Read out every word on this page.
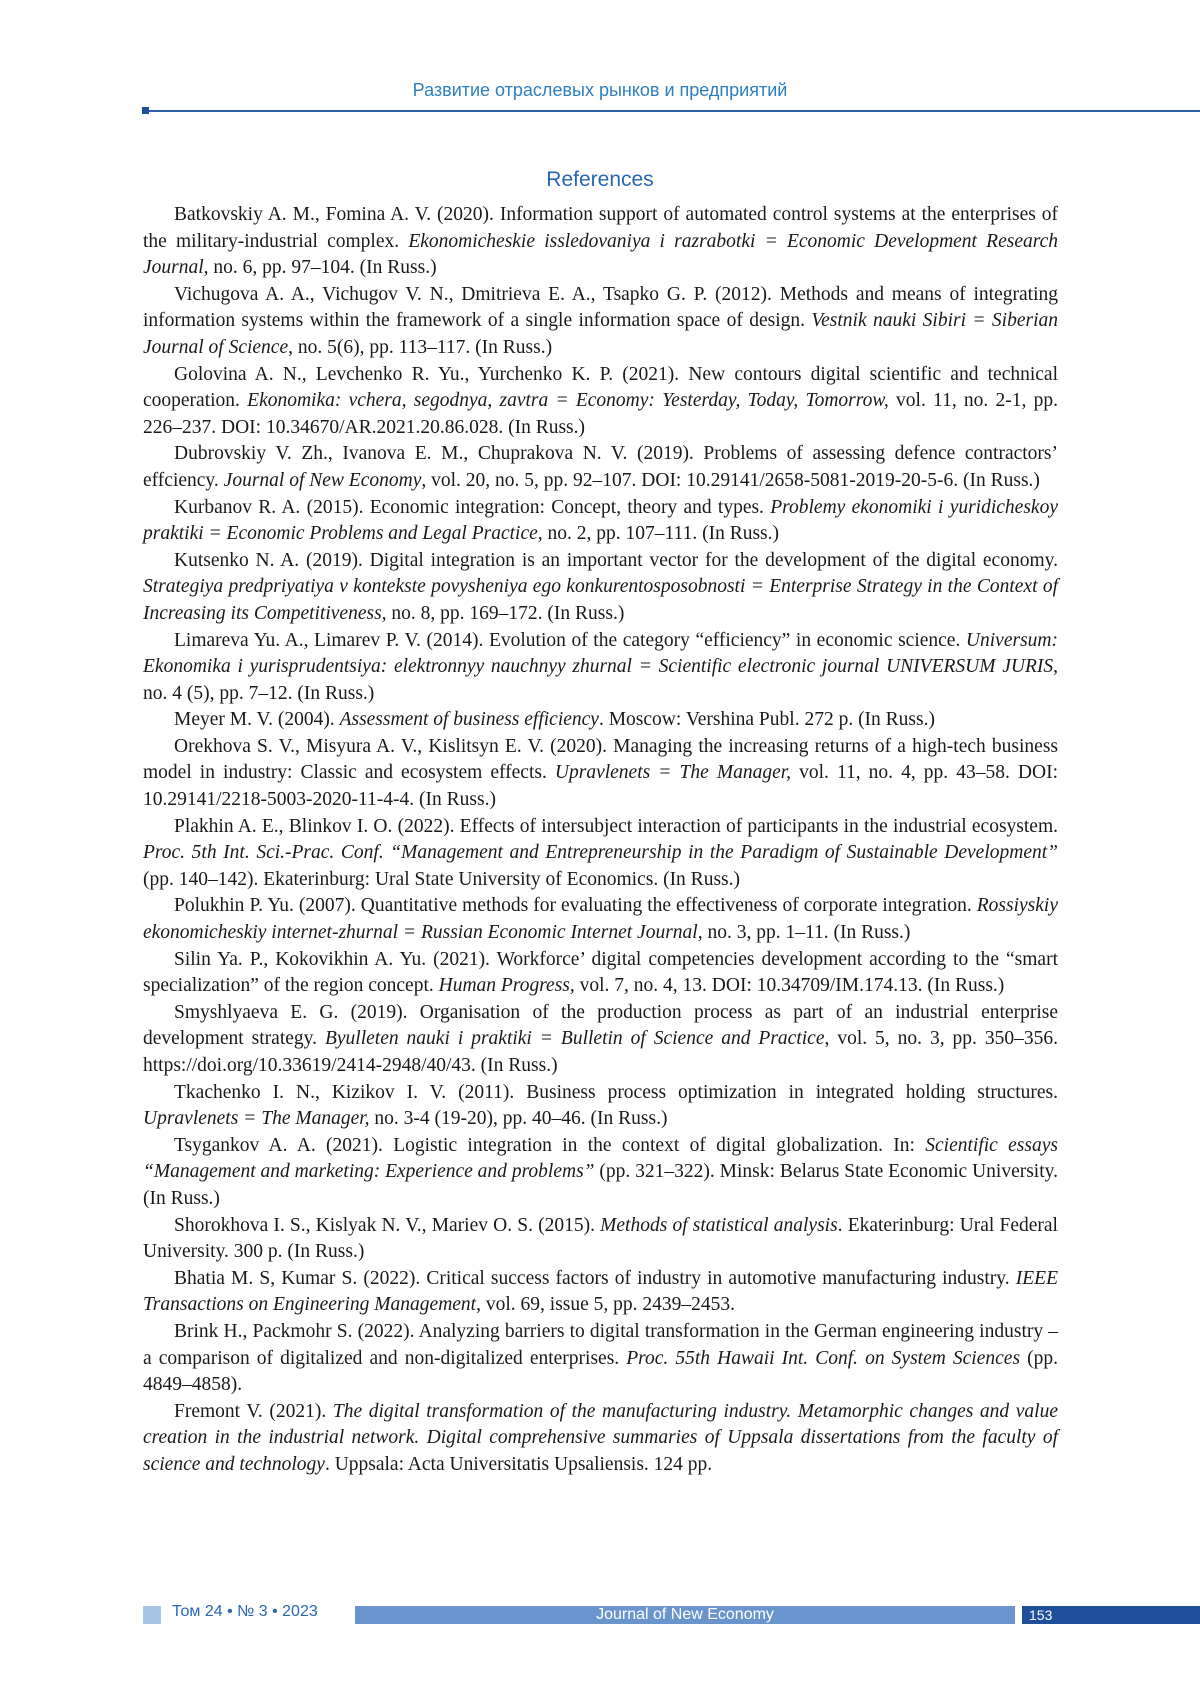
Развитие отраслевых рынков и предприятий
References
Batkovskiy A. M., Fomina A. V. (2020). Information support of automated control systems at the enterprises of the military-industrial complex. Ekonomicheskie issledovaniya i razrabotki = Economic Development Research Journal, no. 6, pp. 97–104. (In Russ.)
Vichugova A. A., Vichugov V. N., Dmitrieva E. A., Tsapko G. P. (2012). Methods and means of integrating information systems within the framework of a single information space of design. Vestnik nauki Sibiri = Siberian Journal of Science, no. 5(6), pp. 113–117. (In Russ.)
Golovina A. N., Levchenko R. Yu., Yurchenko K. P. (2021). New contours digital scientific and technical cooperation. Ekonomika: vchera, segodnya, zavtra = Economy: Yesterday, Today, Tomorrow, vol. 11, no. 2-1, pp. 226–237. DOI: 10.34670/AR.2021.20.86.028. (In Russ.)
Dubrovskiy V. Zh., Ivanova E. M., Chuprakova N. V. (2019). Problems of assessing defence contractors’ effciency. Journal of New Economy, vol. 20, no. 5, pp. 92–107. DOI: 10.29141/2658-5081-2019-20-5-6. (In Russ.)
Kurbanov R. A. (2015). Economic integration: Concept, theory and types. Problemy ekonomiki i yuridicheskoy praktiki = Economic Problems and Legal Practice, no. 2, pp. 107–111. (In Russ.)
Kutsenko N. A. (2019). Digital integration is an important vector for the development of the digital economy. Strategiya predpriyatiya v kontekste povysheniya ego konkurentosposobnosti = Enterprise Strategy in the Context of Increasing its Competitiveness, no. 8, pp. 169–172. (In Russ.)
Limareva Yu. A., Limarev P. V. (2014). Evolution of the category “efficiency” in economic science. Universum: Ekonomika i yurisprudentsiya: elektronnyy nauchnyy zhurnal = Scientific electronic journal UNIVERSUM JURIS, no. 4 (5), pp. 7–12. (In Russ.)
Meyer M. V. (2004). Assessment of business efficiency. Moscow: Vershina Publ. 272 p. (In Russ.)
Orekhova S. V., Misyura A. V., Kislitsyn E. V. (2020). Managing the increasing returns of a high-tech business model in industry: Classic and ecosystem effects. Upravlenets = The Manager, vol. 11, no. 4, pp. 43–58. DOI: 10.29141/2218-5003-2020-11-4-4. (In Russ.)
Plakhin A. E., Blinkov I. O. (2022). Effects of intersubject interaction of participants in the industrial ecosystem. Proc. 5th Int. Sci.-Prac. Conf. “Management and Entrepreneurship in the Paradigm of Sustainable Development” (pp. 140–142). Ekaterinburg: Ural State University of Economics. (In Russ.)
Polukhin P. Yu. (2007). Quantitative methods for evaluating the effectiveness of corporate integration. Rossiyskiy ekonomicheskiy internet-zhurnal = Russian Economic Internet Journal, no. 3, pp. 1–11. (In Russ.)
Silin Ya. P., Kokovikhin A. Yu. (2021). Workforce’ digital competencies development according to the “smart specialization” of the region concept. Human Progress, vol. 7, no. 4, 13. DOI: 10.34709/IM.174.13. (In Russ.)
Smyshlyaeva E. G. (2019). Organisation of the production process as part of an industrial enterprise development strategy. Byulleten nauki i praktiki = Bulletin of Science and Practice, vol. 5, no. 3, pp. 350–356. https://doi.org/10.33619/2414-2948/40/43. (In Russ.)
Tkachenko I. N., Kizikov I. V. (2011). Business process optimization in integrated holding structures. Upravlenets = The Manager, no. 3-4 (19-20), pp. 40–46. (In Russ.)
Tsygankov A. A. (2021). Logistic integration in the context of digital globalization. In: Scientific essays “Management and marketing: Experience and problems” (pp. 321–322). Minsk: Belarus State Economic University. (In Russ.)
Shorokhova I. S., Kislyak N. V., Mariev O. S. (2015). Methods of statistical analysis. Ekaterinburg: Ural Federal University. 300 p. (In Russ.)
Bhatia M. S, Kumar S. (2022). Critical success factors of industry in automotive manufacturing industry. IEEE Transactions on Engineering Management, vol. 69, issue 5, pp. 2439–2453.
Brink H., Packmohr S. (2022). Analyzing barriers to digital transformation in the German engineering industry – a comparison of digitalized and non-digitalized enterprises. Proc. 55th Hawaii Int. Conf. on System Sciences (pp. 4849–4858).
Fremont V. (2021). The digital transformation of the manufacturing industry. Metamorphic changes and value creation in the industrial network. Digital comprehensive summaries of Uppsala dissertations from the faculty of science and technology. Uppsala: Acta Universitatis Upsaliensis. 124 pp.
Том 24 • № 3 • 2023	Journal of New Economy	153
